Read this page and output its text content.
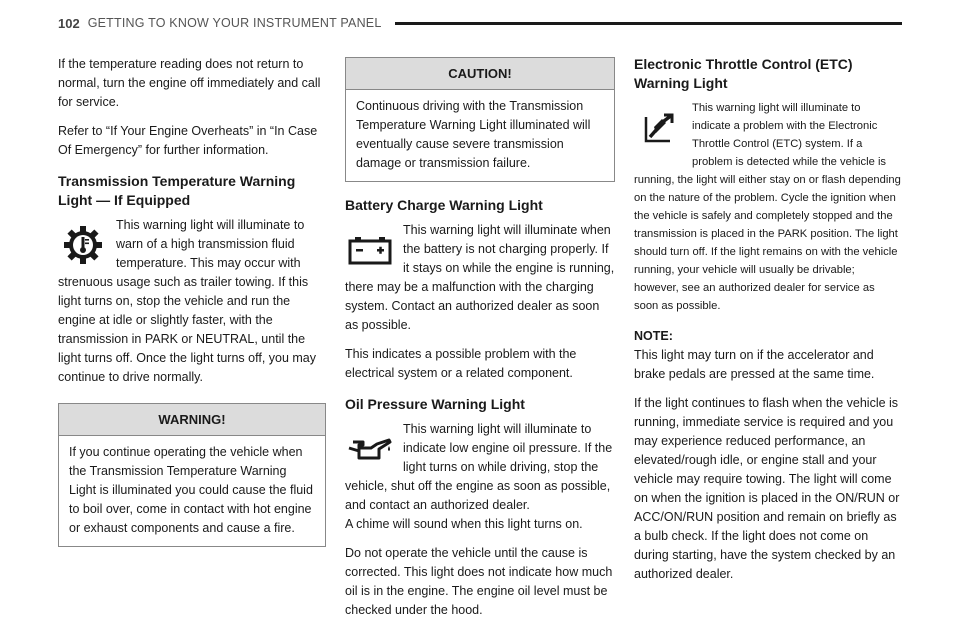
102 GETTING TO KNOW YOUR INSTRUMENT PANEL

If the temperature reading does not return to normal, turn the engine off immediately and call for service.

Refer to “If Your Engine Overheats” in “In Case Of Emergency” for further information.

Transmission Temperature Warning Light — If Equipped

This warning light will illuminate to warn of a high transmission fluid temperature. This may occur with strenuous usage such as trailer towing. If this light turns on, stop the vehicle and run the engine at idle or slightly faster, with the transmission in PARK or NEUTRAL, until the light turns off. Once the light turns off, you may continue to drive normally.

WARNING!

If you continue operating the vehicle when the Transmission Temperature Warning Light is illuminated you could cause the fluid to boil over, come in contact with hot engine or exhaust components and cause a fire.

CAUTION!

Continuous driving with the Transmission Temperature Warning Light illuminated will eventually cause severe transmission damage or transmission failure.

Battery Charge Warning Light

This warning light will illuminate when the battery is not charging properly. If it stays on while the engine is running, there may be a malfunction with the charging system. Contact an authorized dealer as soon as possible.

This indicates a possible problem with the electrical system or a related component.

Oil Pressure Warning Light

This warning light will illuminate to indicate low engine oil pressure. If the light turns on while driving, stop the vehicle, shut off the engine as soon as possible, and contact an authorized dealer.

A chime will sound when this light turns on.

Do not operate the vehicle until the cause is corrected. This light does not indicate how much oil is in the engine. The engine oil level must be checked under the hood.

Electronic Throttle Control (ETC) Warning Light

This warning light will illuminate to indicate a problem with the Electronic Throttle Control (ETC) system. If a problem is detected while the vehicle is running, the light will either stay on or flash depending on the nature of the problem. Cycle the ignition when the vehicle is safely and completely stopped and the transmission is placed in the PARK position. The light should turn off. If the light remains on with the vehicle running, your vehicle will usually be drivable; however, see an authorized dealer for service as soon as possible.

NOTE:

This light may turn on if the accelerator and brake pedals are pressed at the same time.

If the light continues to flash when the vehicle is running, immediate service is required and you may experience reduced performance, an elevated/rough idle, or engine stall and your vehicle may require towing. The light will come on when the ignition is placed in the ON/RUN or ACC/ON/RUN position and remain on briefly as a bulb check. If the light does not come on during starting, have the system checked by an authorized dealer.
